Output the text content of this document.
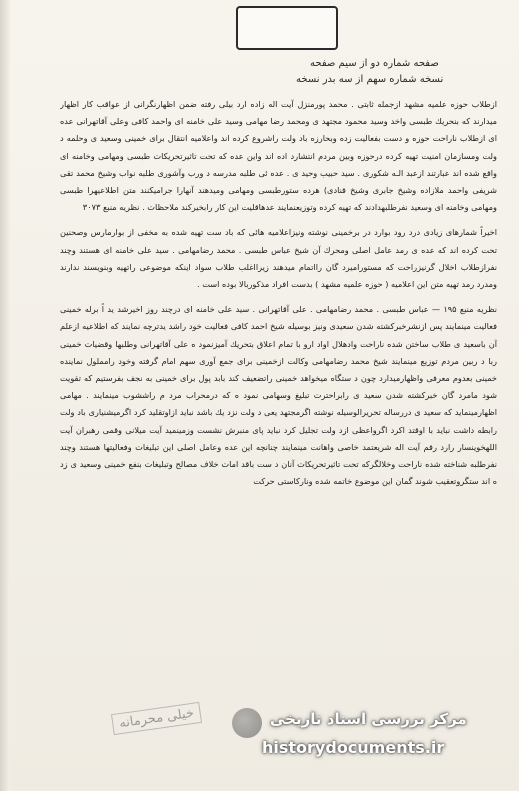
صفحه شماره دو از سیم صفحه
نسخه شماره سهم از سه بدر نسخه

ازطلاب حوزه علميه مشهد ازجمله ثابتی . محمد پورمنزل آیت اله زاده ارد بیلی رفته ضمن اظهارنگرانی از عواقب کار اظهار ميدارند که بنحریك طبسی واخد وسيد محمود مجتهد ی ومحمد رضا مهامی وسید علی خامنه ای واحمد کافی وعلی آقاتهرانی عده ای ازطلاب ناراحت حوزه و دست بفعاليت زده وبحارزه باد ولت راشروع کرده اند واعلامیه انتقال برای خمینی وسعید ی وحلمه د ولت ومسازمان امنيت تهيه کرده درحوزه وبین مردم انتشارد اده اند واین عده که تحت تاثیرتحریکات طبسی ومهامی وخامنه ای واقع شده اند عبارتند ازعبد الـه شکوری . سید حبیب وحید ی . عده ئی طلبه مدرسه د ورب وآشوری طلبه نواب وشیخ محمد تقی شریفی واحمد ملازاده وشیخ جابری وشیخ قنادی) هرده ستورطبسی ومهامی ومیدهند آنهارا جرامیکنند متن اطلاعیهرا طبسی ومهامی وخامنه ای وسعید نفرطلبهدادند که تهیه کرده وتوزیعنمایند عدهاقلیت این کار رابخیرکند ملاحظات . نظریه منبع ۳۰۷۳

اخیراً شمارهای زیادی درد رود بوارد در برخمینی نوشته ونیزاعلامیه هائی که باد ست تهیه شده به مخفی از بوارمارس وصحنین تحت کرده اند که عده ی رمد عامل اصلی ومحرك آن شیخ عباس طبسی . محمد رضامهامی . سید علی خامنه ای هستند وچند نفرازطلاب اخلال گرنیزراحت که مستورامیرد گان رااتمام میدهند زیرااغلب طلاب سواد اینکه موضوعی راتهیه وبنویسند ندارند ومدرد رمد تهیه متن این اعلامیه ( حوزه علمیه مشهد ) بدست افراد مذکوربالا بوده است .

نظریه منبع ۱۹۵ — عباس طبسی . محمد رضامهامی . علی آقاتهرانی . سید علی خامنه ای درچند روز اخیرشد ید اً برله خمینی فعالیت مینمایند پس ازنشرخبرکشته شدن سعیدی ونیز بوسیله شیخ احمد کافی فعالیت خود راشد یدترچه نمایند که اطلاعیه ازعلم آن باسعید ی طلاب ساختن شده ناراحت وادهلال اواد ارو با تمام اعلاق بتحریك آمیزنمود ه علی آقاتهرانی وطلبها وقضیات خمینی ربا د ربین مردم توزیع مینمایند شیخ محمد رضامهامی وکالت ازخمینی برای جمع آوری سهم امام گرفته وخود رامملول نماینده خمینی بعدوم معرفی واظهارمیدارد چون د ستگاه میخواهد خمینی راتضعیف کند بابد پول برای خمینی به نجف بفرستیم که تقویت شود مامرد گان خبرکشته شدن سعید ی رابراحترت تبلیغ وسهامی نمود ه که درمحراب مرد م راششوب مینمایند . مهامی اظهارمینماید که سعید ی دررساله تحریرالوسیله نوشته اگرمجتهد یعی د ولت نزد یك باشد نباید ازاوتقلید کرد اگرمیشنیاری باد ولت رابطه داشت نباید با اوقتد اکرد اگرواعظی ازد ولت تجلیل کرد نباید پای منبرش نشست وزمینمید آیت میلانی وقمی رهبران آیت اللهخوینسار رارد رقم آیت اله شریعتمد خاصی واهانت مینمایند چنانچه این عده وعامل اصلی این تبلیغات وفعالیتها هستند وچند نفرطلبه شناخته شده ناراحت وخلالگرکه تحت تاثیرتحریکات آنان د ست باقد امات خلاف مصالح وتبلیغات بنفع خمینی وسعید ی زد ه اند ستگروتعقیب شوند گمان این موضوع خاتمه شده ونارکاستی حرکت

خیلی محرمانه	مرکز بررسی اسناد تاریخی
historydocuments.ir
